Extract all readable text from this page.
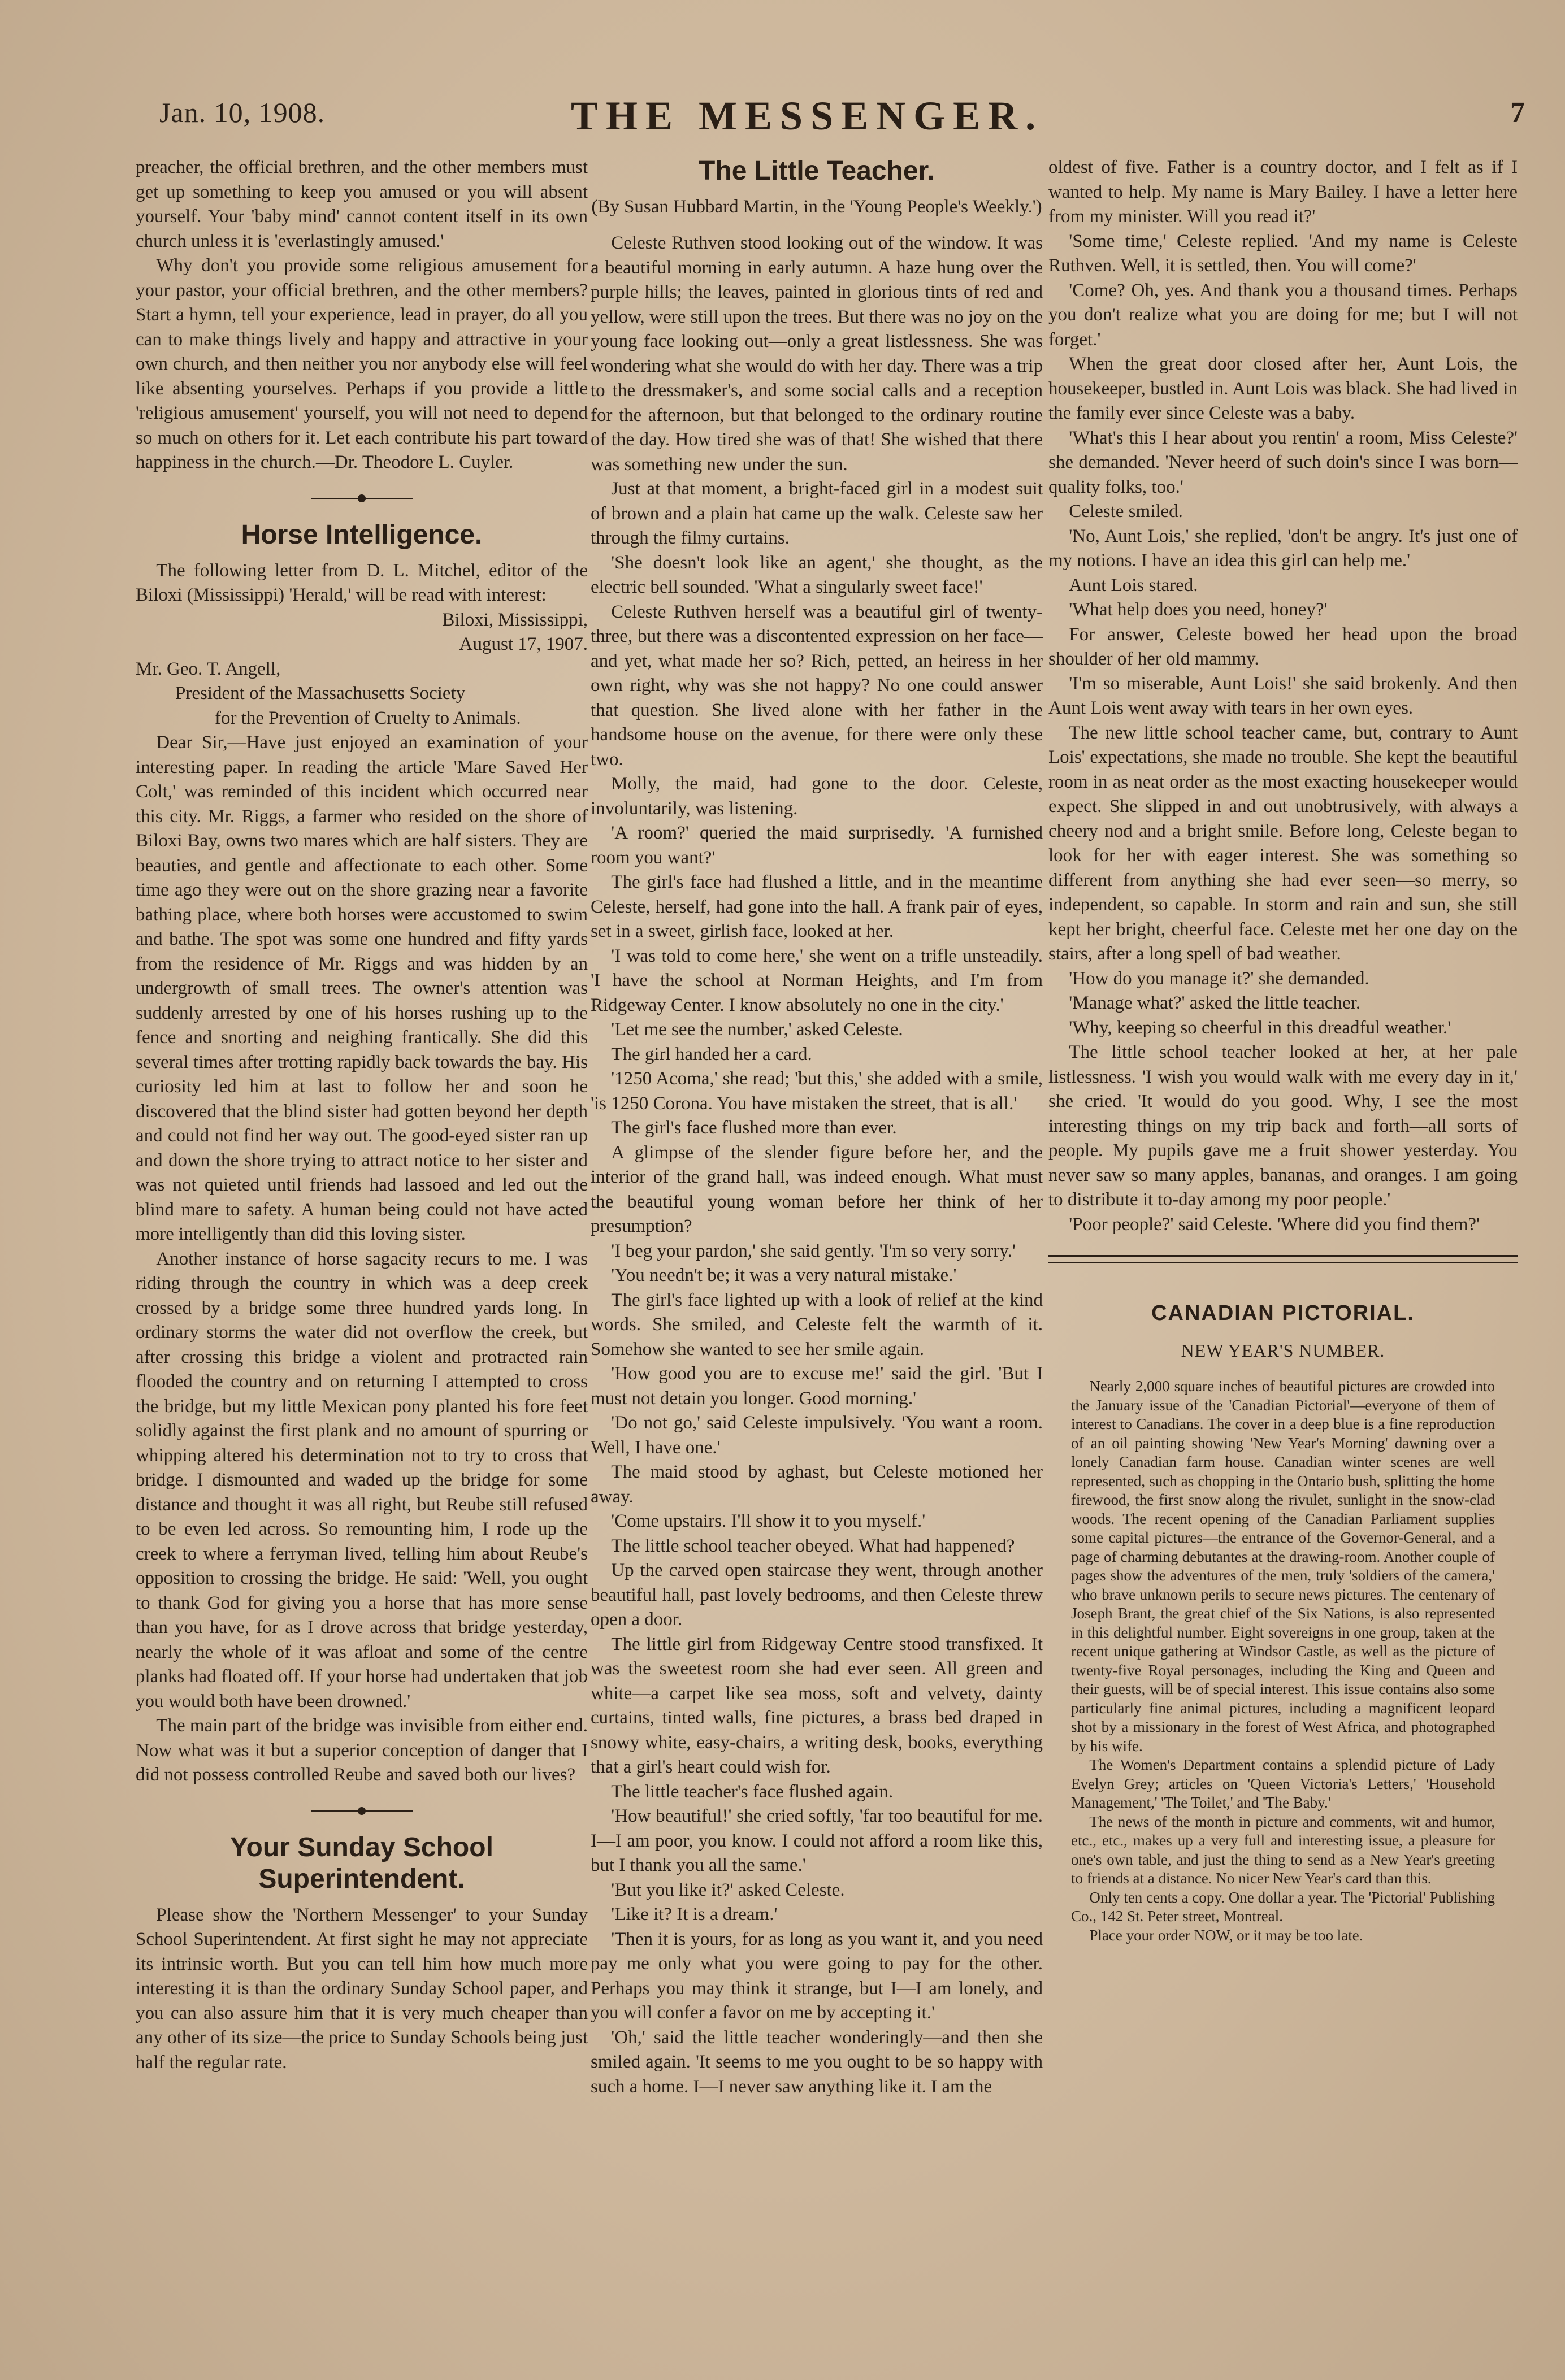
Jan. 10, 1908.	THE MESSENGER.	7

preacher, the official brethren, and the other members must get up something to keep you amused or you will absent yourself. Your 'baby mind' cannot content itself in its own church unless it is 'everlastingly amused.'

Why don't you provide some religious amusement for your pastor, your official brethren, and the other members? Start a hymn, tell your experience, lead in prayer, do all you can to make things lively and happy and attractive in your own church, and then neither you nor anybody else will feel like absenting yourselves. Perhaps if you provide a little 'religious amusement' yourself, you will not need to depend so much on others for it. Let each contribute his part toward happiness in the church.—Dr. Theodore L. Cuyler.

Horse Intelligence.

The following letter from D. L. Mitchel, editor of the Biloxi (Mississippi) 'Herald,' will be read with interest:

Biloxi, Mississippi,

August 17, 1907.

Mr. Geo. T. Angell,

President of the Massachusetts Society

for the Prevention of Cruelty to Animals.

Dear Sir,—Have just enjoyed an examination of your interesting paper. In reading the article 'Mare Saved Her Colt,' was reminded of this incident which occurred near this city. Mr. Riggs, a farmer who resided on the shore of Biloxi Bay, owns two mares which are half sisters. They are beauties, and gentle and affectionate to each other. Some time ago they were out on the shore grazing near a favorite bathing place, where both horses were accustomed to swim and bathe. The spot was some one hundred and fifty yards from the residence of Mr. Riggs and was hidden by an undergrowth of small trees. The owner's attention was suddenly arrested by one of his horses rushing up to the fence and snorting and neighing frantically. She did this several times after trotting rapidly back towards the bay. His curiosity led him at last to follow her and soon he discovered that the blind sister had gotten beyond her depth and could not find her way out. The good-eyed sister ran up and down the shore trying to attract notice to her sister and was not quieted until friends had lassoed and led out the blind mare to safety. A human being could not have acted more intelligently than did this loving sister.

Another instance of horse sagacity recurs to me. I was riding through the country in which was a deep creek crossed by a bridge some three hundred yards long. In ordinary storms the water did not overflow the creek, but after crossing this bridge a violent and protracted rain flooded the country and on returning I attempted to cross the bridge, but my little Mexican pony planted his fore feet solidly against the first plank and no amount of spurring or whipping altered his determination not to try to cross that bridge. I dismounted and waded up the bridge for some distance and thought it was all right, but Reube still refused to be even led across. So remounting him, I rode up the creek to where a ferryman lived, telling him about Reube's opposition to crossing the bridge. He said: 'Well, you ought to thank God for giving you a horse that has more sense than you have, for as I drove across that bridge yesterday, nearly the whole of it was afloat and some of the centre planks had floated off. If your horse had undertaken that job you would both have been drowned.'

The main part of the bridge was invisible from either end. Now what was it but a superior conception of danger that I did not possess controlled Reube and saved both our lives?

Your Sunday School Superintendent.

Please show the 'Northern Messenger' to your Sunday School Superintendent. At first sight he may not appreciate its intrinsic worth. But you can tell him how much more interesting it is than the ordinary Sunday School paper, and you can also assure him that it is very much cheaper than any other of its size—the price to Sunday Schools being just half the regular rate.

The Little Teacher.
(By Susan Hubbard Martin, in the 'Young People's Weekly.')

Celeste Ruthven stood looking out of the window. It was a beautiful morning in early autumn. A haze hung over the purple hills; the leaves, painted in glorious tints of red and yellow, were still upon the trees. But there was no joy on the young face looking out—only a great listlessness. She was wondering what she would do with her day. There was a trip to the dressmaker's, and some social calls and a reception for the afternoon, but that belonged to the ordinary routine of the day. How tired she was of that! She wished that there was something new under the sun.

Just at that moment, a bright-faced girl in a modest suit of brown and a plain hat came up the walk. Celeste saw her through the filmy curtains.

'She doesn't look like an agent,' she thought, as the electric bell sounded. 'What a singularly sweet face!'

Celeste Ruthven herself was a beautiful girl of twenty-three, but there was a discontented expression on her face—and yet, what made her so? Rich, petted, an heiress in her own right, why was she not happy? No one could answer that question. She lived alone with her father in the handsome house on the avenue, for there were only these two.

Molly, the maid, had gone to the door. Celeste, involuntarily, was listening.

'A room?' queried the maid surprisedly. 'A furnished room you want?'

The girl's face had flushed a little, and in the meantime Celeste, herself, had gone into the hall. A frank pair of eyes, set in a sweet, girlish face, looked at her.

'I was told to come here,' she went on a trifle unsteadily. 'I have the school at Norman Heights, and I'm from Ridgeway Center. I know absolutely no one in the city.'

'Let me see the number,' asked Celeste.

The girl handed her a card.

'1250 Acoma,' she read; 'but this,' she added with a smile, 'is 1250 Corona. You have mistaken the street, that is all.'

The girl's face flushed more than ever.

A glimpse of the slender figure before her, and the interior of the grand hall, was indeed enough. What must the beautiful young woman before her think of her presumption?

'I beg your pardon,' she said gently. 'I'm so very sorry.'

'You needn't be; it was a very natural mistake.'

The girl's face lighted up with a look of relief at the kind words. She smiled, and Celeste felt the warmth of it. Somehow she wanted to see her smile again.

'How good you are to excuse me!' said the girl. 'But I must not detain you longer. Good morning.'

'Do not go,' said Celeste impulsively. 'You want a room. Well, I have one.'

The maid stood by aghast, but Celeste motioned her away.

'Come upstairs. I'll show it to you myself.'

The little school teacher obeyed. What had happened?

Up the carved open staircase they went, through another beautiful hall, past lovely bedrooms, and then Celeste threw open a door.

The little girl from Ridgeway Centre stood transfixed. It was the sweetest room she had ever seen. All green and white—a carpet like sea moss, soft and velvety, dainty curtains, tinted walls, fine pictures, a brass bed draped in snowy white, easy-chairs, a writing desk, books, everything that a girl's heart could wish for.

The little teacher's face flushed again.

'How beautiful!' she cried softly, 'far too beautiful for me. I—I am poor, you know. I could not afford a room like this, but I thank you all the same.'

'But you like it?' asked Celeste.

'Like it? It is a dream.'

'Then it is yours, for as long as you want it, and you need pay me only what you were going to pay for the other. Perhaps you may think it strange, but I—I am lonely, and you will confer a favor on me by accepting it.'

'Oh,' said the little teacher wonderingly—and then she smiled again. 'It seems to me you ought to be so happy with such a home. I—I never saw anything like it. I am the

oldest of five. Father is a country doctor, and I felt as if I wanted to help. My name is Mary Bailey. I have a letter here from my minister. Will you read it?'

'Some time,' Celeste replied. 'And my name is Celeste Ruthven. Well, it is settled, then. You will come?'

'Come? Oh, yes. And thank you a thousand times. Perhaps you don't realize what you are doing for me; but I will not forget.'

When the great door closed after her, Aunt Lois, the housekeeper, bustled in. Aunt Lois was black. She had lived in the family ever since Celeste was a baby.

'What's this I hear about you rentin' a room, Miss Celeste?' she demanded. 'Never heerd of such doin's since I was born—quality folks, too.'

Celeste smiled.

'No, Aunt Lois,' she replied, 'don't be angry. It's just one of my notions. I have an idea this girl can help me.'

Aunt Lois stared.

'What help does you need, honey?'

For answer, Celeste bowed her head upon the broad shoulder of her old mammy.

'I'm so miserable, Aunt Lois!' she said brokenly. And then Aunt Lois went away with tears in her own eyes.

The new little school teacher came, but, contrary to Aunt Lois' expectations, she made no trouble. She kept the beautiful room in as neat order as the most exacting housekeeper would expect. She slipped in and out unobtrusively, with always a cheery nod and a bright smile. Before long, Celeste began to look for her with eager interest. She was something so different from anything she had ever seen—so merry, so independent, so capable. In storm and rain and sun, she still kept her bright, cheerful face. Celeste met her one day on the stairs, after a long spell of bad weather.

'How do you manage it?' she demanded.

'Manage what?' asked the little teacher.

'Why, keeping so cheerful in this dreadful weather.'

The little school teacher looked at her, at her pale listlessness. 'I wish you would walk with me every day in it,' she cried. 'It would do you good. Why, I see the most interesting things on my trip back and forth—all sorts of people. My pupils gave me a fruit shower yesterday. You never saw so many apples, bananas, and oranges. I am going to distribute it to-day among my poor people.'

'Poor people?' said Celeste. 'Where did you find them?'

CANADIAN PICTORIAL.
NEW YEAR'S NUMBER.

Nearly 2,000 square inches of beautiful pictures are crowded into the January issue of the 'Canadian Pictorial'—everyone of them of interest to Canadians. The cover in a deep blue is a fine reproduction of an oil painting showing 'New Year's Morning' dawning over a lonely Canadian farm house. Canadian winter scenes are well represented, such as chopping in the Ontario bush, splitting the home firewood, the first snow along the rivulet, sunlight in the snow-clad woods. The recent opening of the Canadian Parliament supplies some capital pictures—the entrance of the Governor-General, and a page of charming debutantes at the drawing-room. Another couple of pages show the adventures of the men, truly 'soldiers of the camera,' who brave unknown perils to secure news pictures. The centenary of Joseph Brant, the great chief of the Six Nations, is also represented in this delightful number. Eight sovereigns in one group, taken at the recent unique gathering at Windsor Castle, as well as the picture of twenty-five Royal personages, including the King and Queen and their guests, will be of special interest. This issue contains also some particularly fine animal pictures, including a magnificent leopard shot by a missionary in the forest of West Africa, and photographed by his wife.

The Women's Department contains a splendid picture of Lady Evelyn Grey; articles on 'Queen Victoria's Letters,' 'Household Management,' 'The Toilet,' and 'The Baby.'

The news of the month in picture and comments, wit and humor, etc., etc., makes up a very full and interesting issue, a pleasure for one's own table, and just the thing to send as a New Year's greeting to friends at a distance. No nicer New Year's card than this.

Only ten cents a copy. One dollar a year. The 'Pictorial' Publishing Co., 142 St. Peter street, Montreal.

Place your order NOW, or it may be too late.
